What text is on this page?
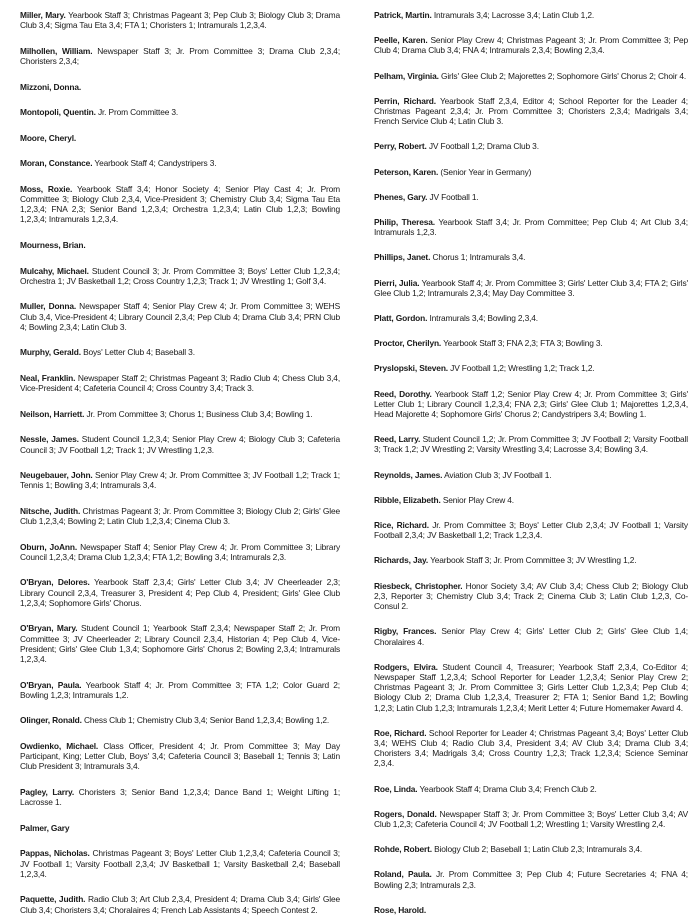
Miller, Mary. Yearbook Staff 3; Christmas Pageant 3; Pep Club 3; Biology Club 3; Drama Club 3,4; Sigma Tau Eta 3,4; FTA 1; Choristers 1; Intramurals 1,2,3,4.
Milhollen, William. Newspaper Staff 3; Jr. Prom Committee 3; Drama Club 2,3,4; Choristers 2,3,4;
Mizzoni, Donna.
Montopoli, Quentin. Jr. Prom Committee 3.
Moore, Cheryl.
Moran, Constance. Yearbook Staff 4; Candystripers 3.
Moss, Roxie. Yearbook Staff 3,4; Honor Society 4; Senior Play Cast 4; Jr. Prom Committee 3; Biology Club 2,3,4, Vice-President 3; Chemistry Club 3,4; Sigma Tau Eta 1,2,3,4; FNA 2,3; Senior Band 1,2,3,4; Orchestra 1,2,3,4; Latin Club 1,2,3; Bowling 1,2,3,4; Intramurals 1,2,3,4.
Mourness, Brian.
Mulcahy, Michael. Student Council 3; Jr. Prom Committee 3; Boys' Letter Club 1,2,3,4; Orchestra 1; JV Basketball 1,2; Cross Country 1,2,3; Track 1; JV Wrestling 1; Golf 3,4.
Muller, Donna. Newspaper Staff 4; Senior Play Crew 4; Jr. Prom Committee 3; WEHS Club 3,4, Vice-President 4; Library Council 2,3,4; Pep Club 4; Drama Club 3,4; PRN Club 4; Bowling 2,3,4; Latin Club 3.
Murphy, Gerald. Boys' Letter Club 4; Baseball 3.
Neal, Franklin. Newspaper Staff 2; Christmas Pageant 3; Radio Club 4; Chess Club 3,4, Vice-President 4; Cafeteria Council 4; Cross Country 3,4; Track 3.
Neilson, Harriett. Jr. Prom Committee 3; Chorus 1; Business Club 3,4; Bowling 1.
Nessle, James. Student Council 1,2,3,4; Senior Play Crew 4; Biology Club 3; Cafeteria Council 3; JV Football 1,2; Track 1; JV Wrestling 1,2,3.
Neugebauer, John. Senior Play Crew 4; Jr. Prom Committee 3; JV Football 1,2; Track 1; Tennis 1; Bowling 3,4; Intramurals 3,4.
Nitsche, Judith. Christmas Pageant 3; Jr. Prom Committee 3; Biology Club 2; Girls' Glee Club 1,2,3,4; Bowling 2; Latin Club 1,2,3,4; Cinema Club 3.
Oburn, JoAnn. Newspaper Staff 4; Senior Play Crew 4; Jr. Prom Committee 3; Library Council 1,2,3,4; Drama Club 1,2,3,4; FTA 1,2; Bowling 3,4; Intramurals 2,3.
O'Bryan, Delores. Yearbook Staff 2,3,4; Girls' Letter Club 3,4; JV Cheerleader 2,3; Library Council 2,3,4, Treasurer 3, President 4; Pep Club 4, President; Girls' Glee Club 1,2,3,4; Sophomore Girls' Chorus.
O'Bryan, Mary. Student Council 1; Yearbook Staff 2,3,4; Newspaper Staff 2; Jr. Prom Committee 3; JV Cheerleader 2; Library Council 2,3,4, Historian 4; Pep Club 4, Vice-President; Girls' Glee Club 1,3,4; Sophomore Girls' Chorus 2; Bowling 2,3,4; Intramurals 1,2,3,4.
O'Bryan, Paula. Yearbook Staff 4; Jr. Prom Committee 3; FTA 1,2; Color Guard 2; Bowling 1,2,3; Intramurals 1,2.
Olinger, Ronald. Chess Club 1; Chemistry Club 3,4; Senior Band 1,2,3,4; Bowling 1,2.
Owdienko, Michael. Class Officer, President 4; Jr. Prom Committee 3; May Day Participant, King; Letter Club, Boys' 3,4; Cafeteria Council 3; Baseball 1; Tennis 3; Latin Club President 3; Intramurals 3,4.
Pagley, Larry. Choristers 3; Senior Band 1,2,3,4; Dance Band 1; Weight Lifting 1; Lacrosse 1.
Palmer, Gary
Pappas, Nicholas. Christmas Pageant 3; Boys' Letter Club 1,2,3,4; Cafeteria Council 3; JV Football 1; Varsity Football 2,3,4; JV Basketball 1; Varsity Basketball 2,4; Baseball 1,2,3,4.
Paquette, Judith. Radio Club 3; Art Club 2,3,4, President 4; Drama Club 3,4; Girls' Glee Club 3,4; Choristers 3,4; Choralaires 4; French Lab Assistants 4; Speech Contest 2.
Patrick, Martin. Intramurals 3,4; Lacrosse 3,4; Latin Club 1,2.
Peelle, Karen. Senior Play Crew 4; Christmas Pageant 3; Jr. Prom Committee 3; Pep Club 4; Drama Club 3,4; FNA 4; Intramurals 2,3,4; Bowling 2,3,4.
Pelham, Virginia. Girls' Glee Club 2; Majorettes 2; Sophomore Girls' Chorus 2; Choir 4.
Perrin, Richard. Yearbook Staff 2,3,4, Editor 4; School Reporter for the Leader 4; Christmas Pageant 2,3,4; Jr. Prom Committee 3; Choristers 2,3,4; Madrigals 3,4; French Service Club 4; Latin Club 3.
Perry, Robert. JV Football 1,2; Drama Club 3.
Peterson, Karen. (Senior Year in Germany)
Phenes, Gary. JV Football 1.
Philip, Theresa. Yearbook Staff 3,4; Jr. Prom Committee; Pep Club 4; Art Club 3,4; Intramurals 1,2,3.
Phillips, Janet. Chorus 1; Intramurals 3,4.
Pierri, Julia. Yearbook Staff 4; Jr. Prom Committee 3; Girls' Letter Club 3,4; FTA 2; Girls' Glee Club 1,2; Intramurals 2,3,4; May Day Committee 3.
Platt, Gordon. Intramurals 3,4; Bowling 2,3,4.
Proctor, Cherilyn. Yearbook Staff 3; FNA 2,3; FTA 3; Bowling 3.
Pryslopski, Steven. JV Football 1,2; Wrestling 1,2; Track 1,2.
Reed, Dorothy. Yearbook Staff 1,2; Senior Play Crew 4; Jr. Prom Committee 3; Girls' Letter Club 1; Library Council 1,2,3,4; FNA 2,3; Girls' Glee Club 1; Majorettes 1,2,3,4, Head Majorette 4; Sophomore Girls' Chorus 2; Candystripers 3,4; Bowling 1.
Reed, Larry. Student Council 1,2; Jr. Prom Committee 3; JV Football 2; Varsity Football 3; Track 1,2; JV Wrestling 2; Varsity Wrestling 3,4; Lacrosse 3,4; Bowling 3,4.
Reynolds, James. Aviation Club 3; JV Football 1.
Ribble, Elizabeth. Senior Play Crew 4.
Rice, Richard. Jr. Prom Committee 3; Boys' Letter Club 2,3,4; JV Football 1; Varsity Football 2,3,4; JV Basketball 1,2; Track 1,2,3,4.
Richards, Jay. Yearbook Staff 3; Jr. Prom Committee 3; JV Wrestling 1,2.
Riesbeck, Christopher. Honor Society 3,4; AV Club 3,4; Chess Club 2; Biology Club 2,3, Reporter 3; Chemistry Club 3,4; Track 2; Cinema Club 3; Latin Club 1,2,3, Co-Consul 2.
Rigby, Frances. Senior Play Crew 4; Girls' Letter Club 2; Girls' Glee Club 1,4; Choralaires 4.
Rodgers, Elvira. Student Council 4, Treasurer; Yearbook Staff 2,3,4, Co-Editor 4; Newspaper Staff 1,2,3,4; School Reporter for Leader 1,2,3,4; Senior Play Crew 2; Christmas Pageant 3; Jr. Prom Committee 3; Girls Letter Club 1,2,3,4; Pep Club 4; Biology Club 2; Drama Club 1,2,3,4, Treasurer 2; FTA 1; Senior Band 1,2; Bowling 1,2,3; Latin Club 1,2,3; Intramurals 1,2,3,4; Merit Letter 4; Future Homemaker Award 4.
Roe, Richard. School Reporter for Leader 4; Christmas Pageant 3,4; Boys' Letter Club 3,4; WEHS Club 4; Radio Club 3,4, President 3,4; AV Club 3,4; Drama Club 3,4; Choristers 3,4; Madrigals 3,4; Cross Country 1,2,3; Track 1,2,3,4; Science Seminar 2,3,4.
Roe, Linda. Yearbook Staff 4; Drama Club 3,4; French Club 2.
Rogers, Donald. Newspaper Staff 3; Jr. Prom Committee 3; Boys' Letter Club 3,4; AV Club 1,2,3; Cafeteria Council 4; JV Football 1,2; Wrestling 1; Varsity Wrestling 2,4.
Rohde, Robert. Biology Club 2; Baseball 1; Latin Club 2,3; Intramurals 3,4.
Roland, Paula. Jr. Prom Committee 3; Pep Club 4; Future Secretaries 4; FNA 4; Bowling 2,3; Intramurals 2,3.
Rose, Harold.
